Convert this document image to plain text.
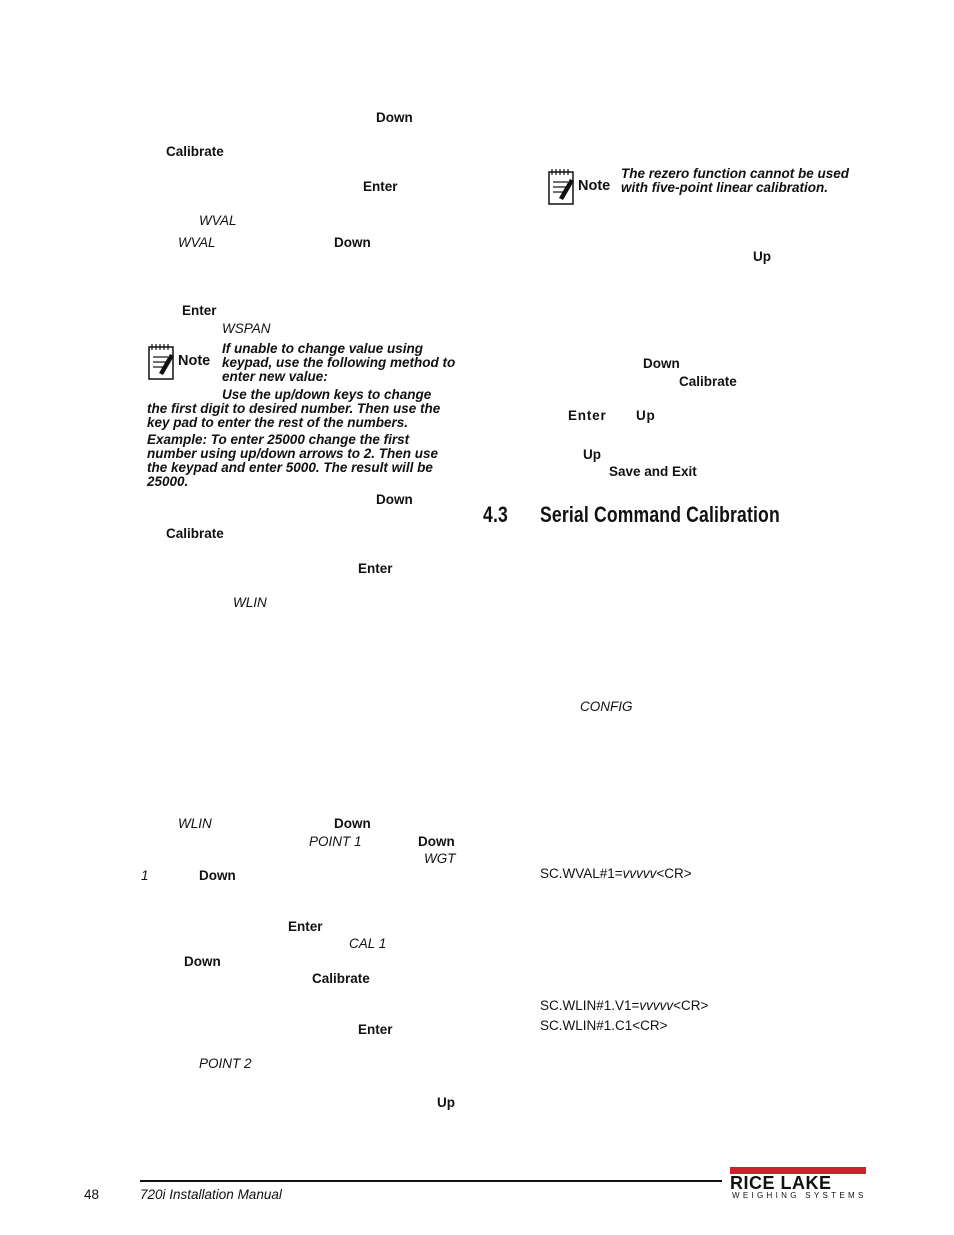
Down
Calibrate
Enter
WVAL
WVAL	Down
Enter
WSPAN
Note
If unable to change value using
keypad, use the following method to
enter new value:
Use the up/down keys to change
the first digit to desired number. Then use the
key pad to enter the rest of the numbers.
Example: To enter 25000 change the first
number using up/down arrows to 2. Then use
the keypad and enter 5000. The result will be
25000.
Down
Calibrate
Enter
WLIN
WLIN	Down
POINT 1	Down
WGT
1	Down
Enter
CAL 1
Down
Calibrate
Enter
POINT 2
Up
Note
The rezero function cannot be used
with five-point linear calibration.
Up
Down
Calibrate
Enter Up
Up
Save and Exit
4.3 Serial Command Calibration
CONFIG
SC.WVAL#1=vvvvv<CR>
SC.WLIN#1.V1=vvvvv<CR>
SC.WLIN#1.C1<CR>
48	720i Installation Manual
RICE LAKE
WEIGHING SYSTEMS
